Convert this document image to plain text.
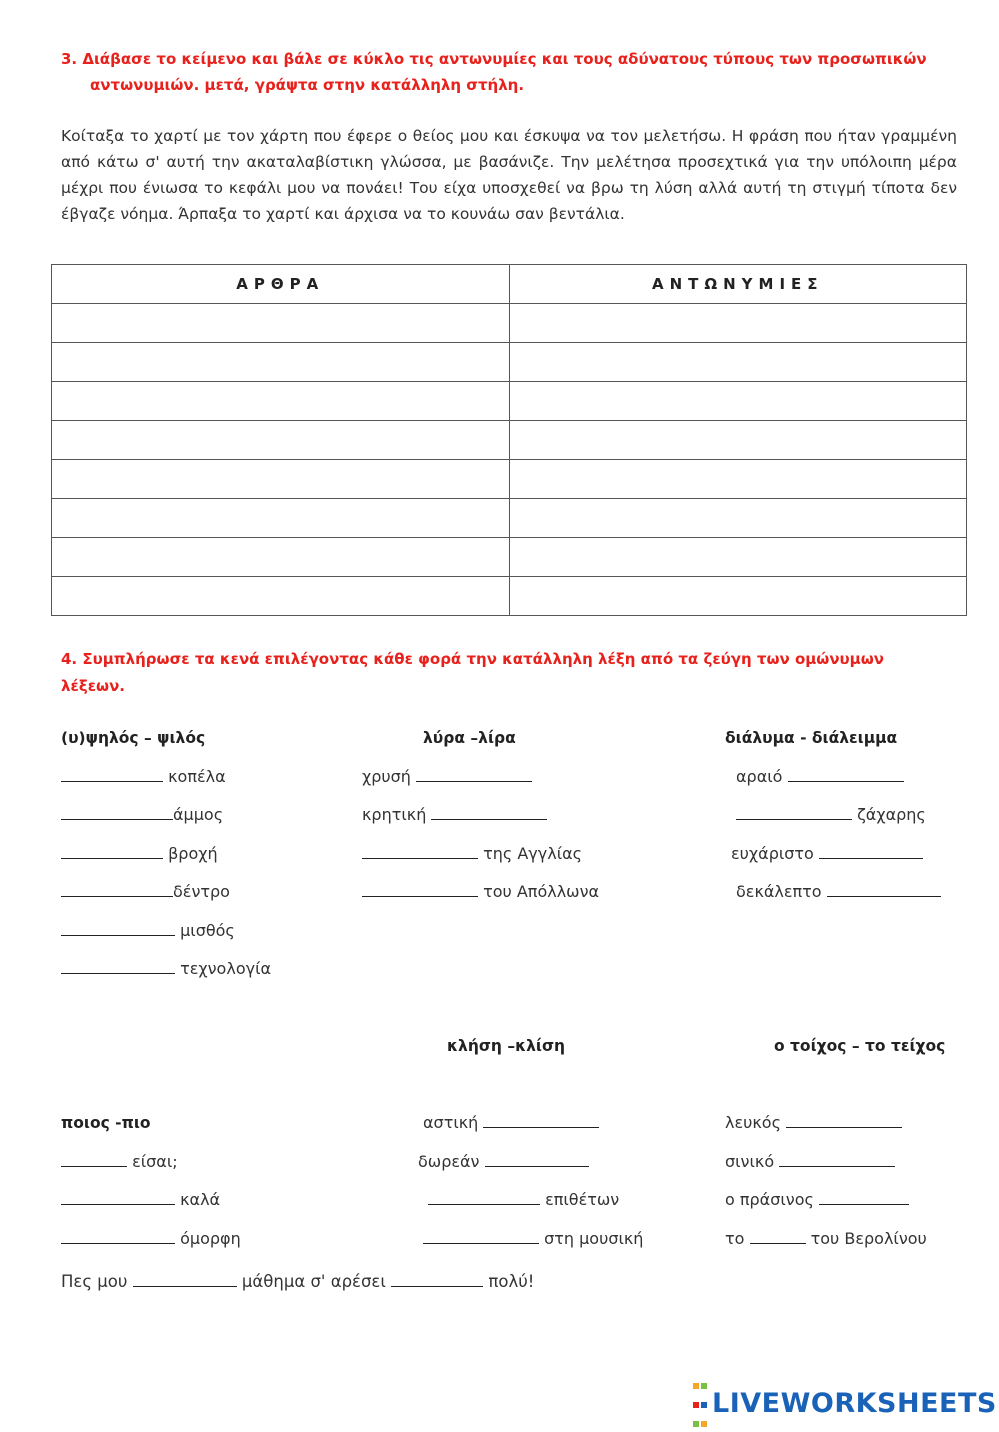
3. Διάβασε το κείμενο και βάλε σε κύκλο τις αντωνυμίες και τους αδύνατους τύπους των προσωπικών
αντωνυμιών. μετά, γράψτα στην κατάλληλη στήλη.
Κοίταξα το χαρτί με τον χάρτη που έφερε ο θείος μου και έσκυψα να τον μελετήσω. Η φράση που ήταν γραμμένη από κάτω σ' αυτή την ακαταλαβίστικη γλώσσα, με βασάνιζε. Την μελέτησα προσεχτικά για την υπόλοιπη μέρα μέχρι που ένιωσα το κεφάλι μου να πονάει! Του είχα υποσχεθεί να βρω τη λύση αλλά αυτή τη στιγμή τίποτα δεν έβγαζε νόημα. Άρπαξα το χαρτί και άρχισα να το κουνάω σαν βεντάλια.
ΑΡΘΡΑ	ΑΝΤΩΝΥΜΙΕΣ

4. Συμπλήρωσε τα κενά επιλέγοντας κάθε φορά την κατάλληλη λέξη από τα ζεύγη των ομώνυμων
λέξεων.
(υ)ψηλός – ψιλός	λύρα –λίρα	διάλυμα - διάλειμμα
κοπέλα
άμμος
βροχή
δέντρο
μισθός
τεχνολογία
χρυσή
κρητική
της Αγγλίας
του Απόλλωνα
αραιό
ζάχαρης
ευχάριστο
δεκάλεπτο
κλήση –κλίση	ο τοίχος – το τείχος
ποιος -πιο	αστική
δωρεάν
επιθέτων
στη μουσική
λευκός
σινικό
ο πράσινος
το	του Βερολίνου
είσαι;
καλά
όμορφη
Πες μου	μάθημα σ' αρέσει	πολύ!
LIVEWORKSHEETS
